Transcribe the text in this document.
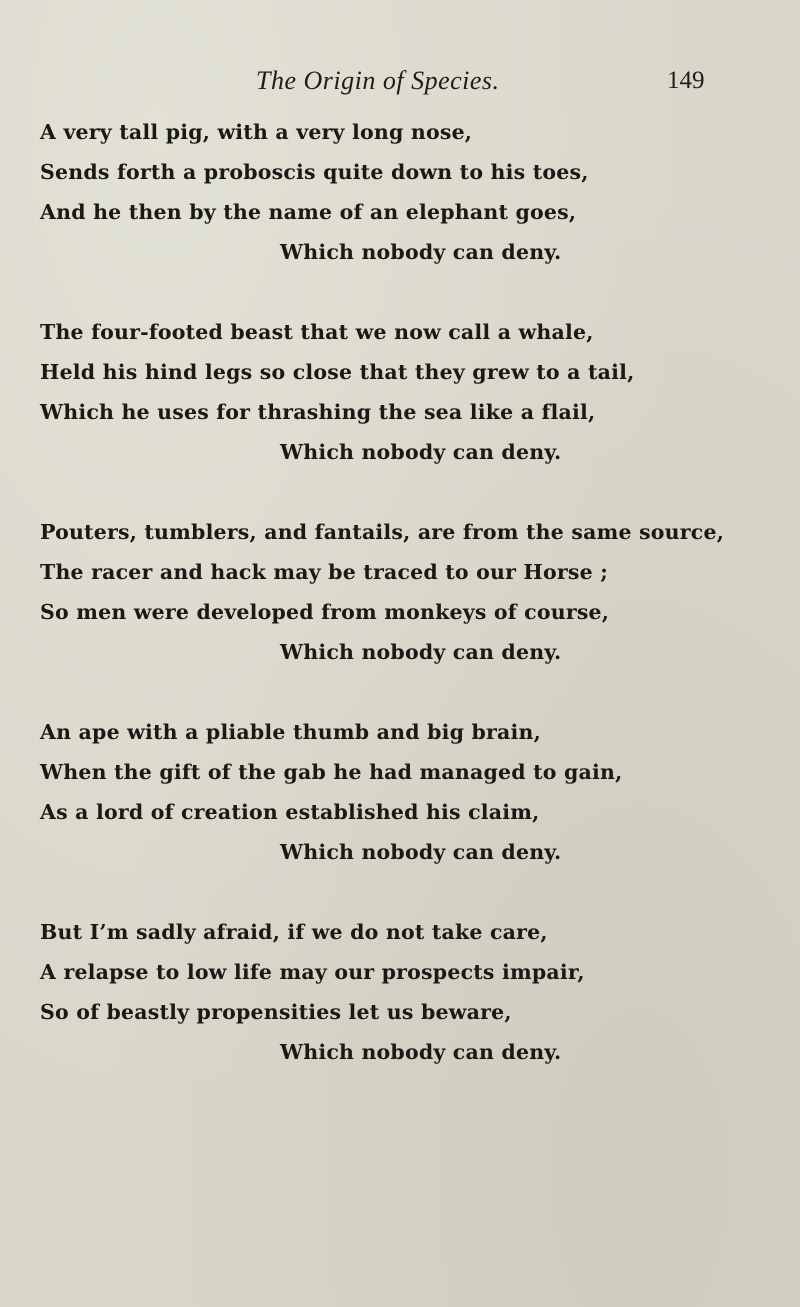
The Origin of Species.	149
A very tall pig, with a very long nose,
Sends forth a proboscis quite down to his toes,
And he then by the name of an elephant goes,
Which nobody can deny.
The four-footed beast that we now call a whale,
Held his hind legs so close that they grew to a tail,
Which he uses for thrashing the sea like a flail,
Which nobody can deny.
Pouters, tumblers, and fantails, are from the same source,
The racer and hack may be traced to our Horse ;
So men were developed from monkeys of course,
Which nobody can deny.
An ape with a pliable thumb and big brain,
When the gift of the gab he had managed to gain,
As a lord of creation established his claim,
Which nobody can deny.
But I’m sadly afraid, if we do not take care,
A relapse to low life may our prospects impair,
So of beastly propensities let us beware,
Which nobody can deny.
